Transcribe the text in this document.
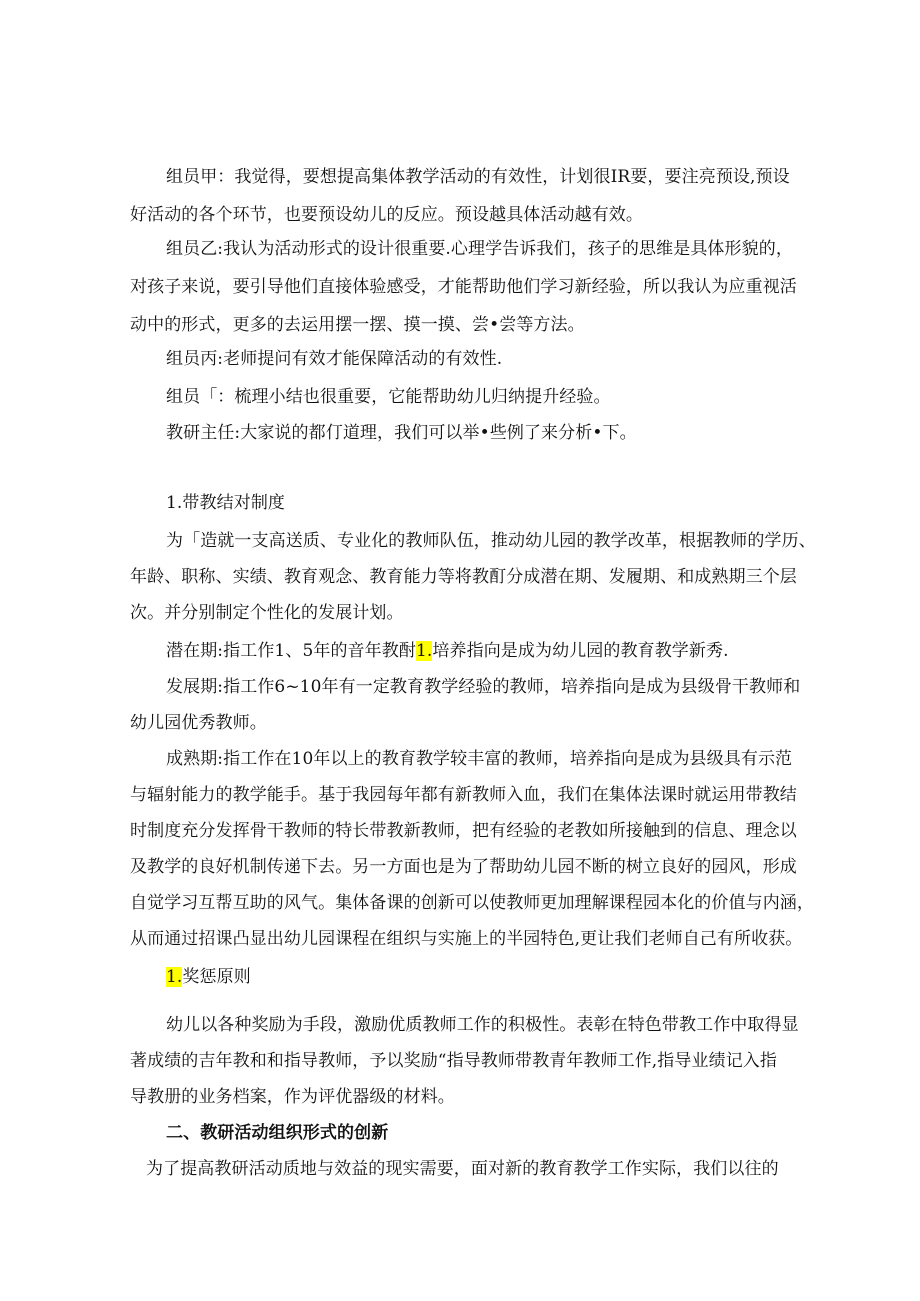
组员甲：我觉得，要想提高集体教学活动的有效性，计划很IR要，要注亮预设,预设
好活动的各个环节，也要预设幼儿的反应。预设越具体活动越有效。
组员乙:我认为活动形式的设计很重要.心理学告诉我们，孩子的思维是具体形貌的，
对孩子来说，要引导他们直接体验感受，才能帮助他们学习新经验，所以我认为应重视活
动中的形式，更多的去运用摆一摆、摸一摸、尝•尝等方法。
组员丙:老师提问有效才能保障活动的有效性.
组员「：梳理小结也很重要，它能帮助幼儿归纳提升经验。
教研主任:大家说的都仃道理，我们可以举•些例了来分析•下。
1.带教结对制度
为「造就一支高送质、专业化的教师队伍，推动幼儿园的教学改革，根据教师的学历、
年龄、职称、实绩、教育观念、教育能力等将教酊分成潜在期、发履期、和成熟期三个层
次。并分别制定个性化的发展计划。
潜在期:指工作1、5年的音年教酎1.培养指向是成为幼儿园的教育教学新秀.
发展期:指工作6~10年有一定教育教学经验的教师，培养指向是成为县级骨干教师和
幼儿园优秀教师。
成熟期:指工作在10年以上的教育教学较丰富的教师，培养指向是成为县级具有示范
与辐射能力的教学能手。基于我园每年都有新教师入血，我们在集体法课时就运用带教结
时制度充分发挥骨干教师的特长带教新教师，把有经验的老教如所接触到的信息、理念以
及教学的良好机制传递下去。另一方面也是为了帮助幼儿园不断的树立良好的园风，形成
自觉学习互帮互助的风气。集体备课的创新可以使教师更加理解课程园本化的价值与内涵，
从而通过招课凸显出幼儿园课程在组织与实施上的半园特色,更让我们老师自己有所收获。
1.奖惩原则
幼儿以各种奖励为手段，激励优质教师工作的积极性。表彰在特色带教工作中取得显
著成绩的吉年教和和指导教师，予以奖励“指导教师带教青年教师工作,指导业绩记入指
导教册的业务档案，作为评优器级的材料。
二、教研活动组织形式的创新
为了提高教研活动质地与效益的现实需要，面对新的教育教学工作实际，我们以往的
